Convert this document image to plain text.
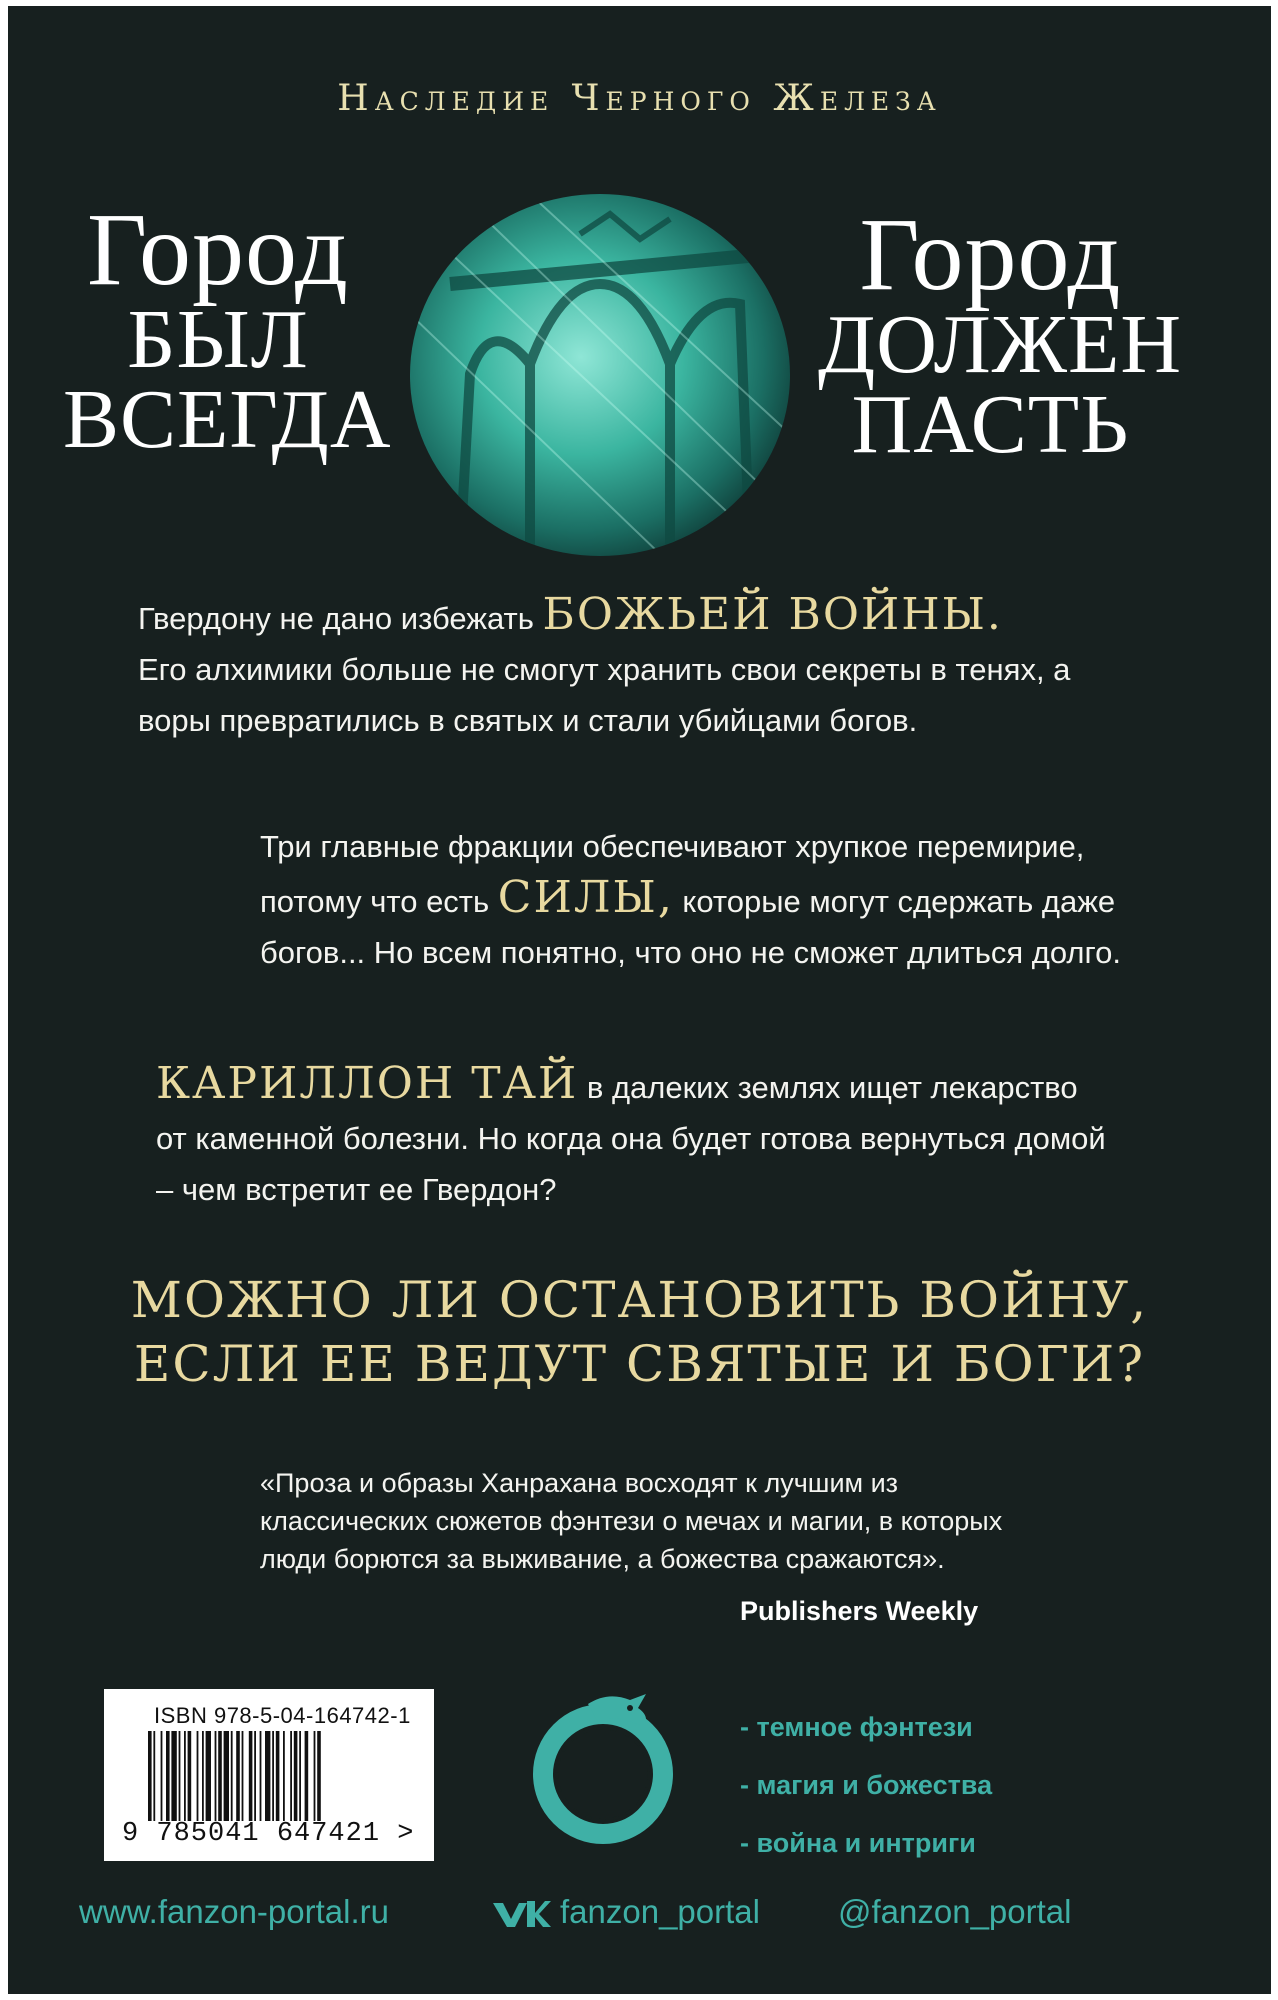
Наследие Черного Железа
Город
БЫЛ
ВСЕГДА
Город
ДОЛЖЕН
ПАСТЬ
Гвердону не дано избежать БОЖЬЕЙ ВОЙНЫ.
Его алхимики больше не смогут хранить свои секреты в тенях, а воры превратились в святых и стали убийцами богов.
Три главные фракции обеспечивают хрупкое перемирие, потому что есть СИЛЫ, которые могут сдержать даже богов... Но всем понятно, что оно не сможет длиться долго.
КАРИЛЛОН ТАЙ в далеких землях ищет лекарство от каменной болезни. Но когда она будет готова вернуться домой – чем встретит ее Гвердон?
МОЖНО ЛИ ОСТАНОВИТЬ ВОЙНУ,
ЕСЛИ ЕЕ ВЕДУТ СВЯТЫЕ И БОГИ?
«Проза и образы Ханрахана восходят к лучшим из классических сюжетов фэнтези о мечах и магии, в которых люди борются за выживание, а божества сражаются».
Publishers Weekly
ISBN 978-5-04-164742-1
9 785041 647421 >
- темное фэнтези
- магия и божества
- война и интриги
www.fanzon-portal.ru	fanzon_portal @fanzon_portal
